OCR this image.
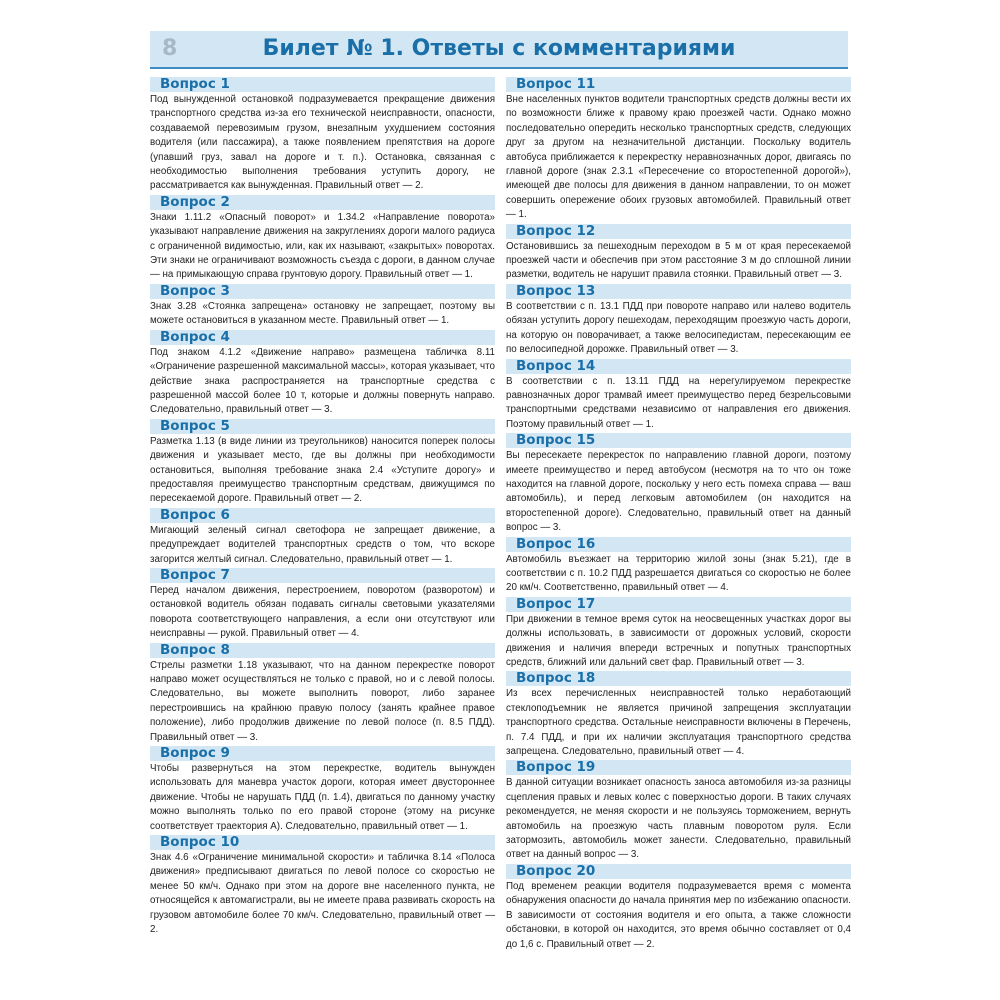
8	Билет № 1. Ответы с комментариями
Вопрос 1
Под вынужденной остановкой подразумевается прекращение движения транспортного средства из-за его технической неисправности, опасности, создаваемой перевозимым грузом, внезапным ухудшением состояния водителя (или пассажира), а также появлением препятствия на дороге (упавший груз, завал на дороге и т. п.). Остановка, связанная с необходимостью выполнения требования уступить дорогу, не рассматривается как вынужденная. Правильный ответ — 2.
Вопрос 2
Знаки 1.11.2 «Опасный поворот» и 1.34.2 «Направление поворота» указывают направление движения на закруглениях дороги малого радиуса с ограниченной видимостью, или, как их называют, «закрытых» поворотах. Эти знаки не ограничивают возможность съезда с дороги, в данном случае — на примыкающую справа грунтовую дорогу. Правильный ответ — 1.
Вопрос 3
Знак 3.28 «Стоянка запрещена» остановку не запрещает, поэтому вы можете остановиться в указанном месте. Правильный ответ — 1.
Вопрос 4
Под знаком 4.1.2 «Движение направо» размещена табличка 8.11 «Ограничение разрешенной максимальной массы», которая указывает, что действие знака распространяется на транспортные средства с разрешенной массой более 10 т, которые и должны повернуть направо. Следовательно, правильный ответ — 3.
Вопрос 5
Разметка 1.13 (в виде линии из треугольников) наносится поперек полосы движения и указывает место, где вы должны при необходимости остановиться, выполняя требование знака 2.4 «Уступите дорогу» и предоставляя преимущество транспортным средствам, движущимся по пересекаемой дороге. Правильный ответ — 2.
Вопрос 6
Мигающий зеленый сигнал светофора не запрещает движение, а предупреждает водителей транспортных средств о том, что вскоре загорится желтый сигнал. Следовательно, правильный ответ — 1.
Вопрос 7
Перед началом движения, перестроением, поворотом (разворотом) и остановкой водитель обязан подавать сигналы световыми указателями поворота соответствующего направления, а если они отсутствуют или неисправны — рукой. Правильный ответ — 4.
Вопрос 8
Стрелы разметки 1.18 указывают, что на данном перекрестке поворот направо может осуществляться не только с правой, но и с левой полосы. Следовательно, вы можете выполнить поворот, либо заранее перестроившись на крайнюю правую полосу (занять крайнее правое положение), либо продолжив движение по левой полосе (п. 8.5 ПДД). Правильный ответ — 3.
Вопрос 9
Чтобы развернуться на этом перекрестке, водитель вынужден использовать для маневра участок дороги, которая имеет двустороннее движение. Чтобы не нарушать ПДД (п. 1.4), двигаться по данному участку можно выполнять только по его правой стороне (этому на рисунке соответствует траектория А). Следовательно, правильный ответ — 1.
Вопрос 10
Знак 4.6 «Ограничение минимальной скорости» и табличка 8.14 «Полоса движения» предписывают двигаться по левой полосе со скоростью не менее 50 км/ч. Однако при этом на дороге вне населенного пункта, не относящейся к автомагистрали, вы не имеете права развивать скорость на грузовом автомобиле более 70 км/ч. Следовательно, правильный ответ — 2.
Вопрос 11
Вне населенных пунктов водители транспортных средств должны вести их по возможности ближе к правому краю проезжей части. Однако можно последовательно опередить несколько транспортных средств, следующих друг за другом на незначительной дистанции. Поскольку водитель автобуса приближается к перекрестку неравнозначных дорог, двигаясь по главной дороге (знак 2.3.1 «Пересечение со второстепенной дорогой»), имеющей две полосы для движения в данном направлении, то он может совершить опережение обоих грузовых автомобилей. Правильный ответ — 1.
Вопрос 12
Остановившись за пешеходным переходом в 5 м от края пересекаемой проезжей части и обеспечив при этом расстояние 3 м до сплошной линии разметки, водитель не нарушит правила стоянки. Правильный ответ — 3.
Вопрос 13
В соответствии с п. 13.1 ПДД при повороте направо или налево водитель обязан уступить дорогу пешеходам, переходящим проезжую часть дороги, на которую он поворачивает, а также велосипедистам, пересекающим ее по велосипедной дорожке. Правильный ответ — 3.
Вопрос 14
В соответствии с п. 13.11 ПДД на нерегулируемом перекрестке равнозначных дорог трамвай имеет преимущество перед безрельсовыми транспортными средствами независимо от направления его движения. Поэтому правильный ответ — 1.
Вопрос 15
Вы пересекаете перекресток по направлению главной дороги, поэтому имеете преимущество и перед автобусом (несмотря на то что он тоже находится на главной дороге, поскольку у него есть помеха справа — ваш автомобиль), и перед легковым автомобилем (он находится на второстепенной дороге). Следовательно, правильный ответ на данный вопрос — 3.
Вопрос 16
Автомобиль въезжает на территорию жилой зоны (знак 5.21), где в соответствии с п. 10.2 ПДД разрешается двигаться со скоростью не более 20 км/ч. Соответственно, правильный ответ — 4.
Вопрос 17
При движении в темное время суток на неосвещенных участках дорог вы должны использовать, в зависимости от дорожных условий, скорости движения и наличия впереди встречных и попутных транспортных средств, ближний или дальний свет фар. Правильный ответ — 3.
Вопрос 18
Из всех перечисленных неисправностей только неработающий стеклоподъемник не является причиной запрещения эксплуатации транспортного средства. Остальные неисправности включены в Перечень, п. 7.4 ПДД, и при их наличии эксплуатация транспортного средства запрещена. Следовательно, правильный ответ — 4.
Вопрос 19
В данной ситуации возникает опасность заноса автомобиля из-за разницы сцепления правых и левых колес с поверхностью дороги. В таких случаях рекомендуется, не меняя скорости и не пользуясь торможением, вернуть автомобиль на проезжую часть плавным поворотом руля. Если затормозить, автомобиль может занести. Следовательно, правильный ответ на данный вопрос — 3.
Вопрос 20
Под временем реакции водителя подразумевается время с момента обнаружения опасности до начала принятия мер по избежанию опасности. В зависимости от состояния водителя и его опыта, а также сложности обстановки, в которой он находится, это время обычно составляет от 0,4 до 1,6 с. Правильный ответ — 2.
